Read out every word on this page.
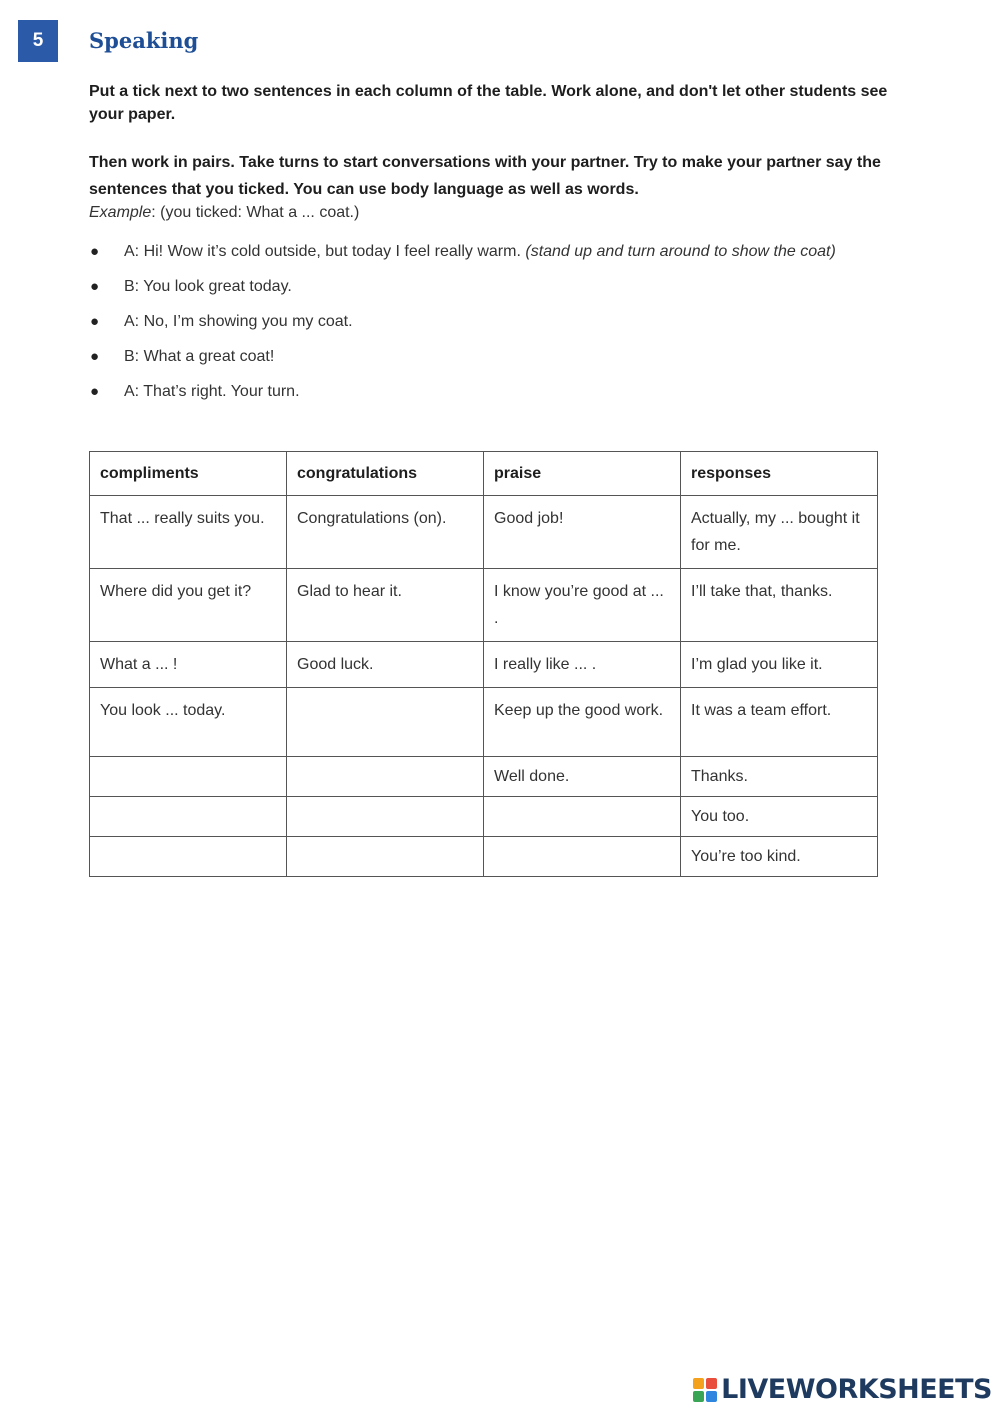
5	Speaking

Put a tick next to two sentences in each column of the table. Work alone, and don't let other students see your paper.

Then work in pairs. Take turns to start conversations with your partner. Try to make your partner say the sentences that you ticked. You can use body language as well as words.

Example: (you ticked: What a ... coat.)

● A: Hi! Wow it’s cold outside, but today I feel really warm. (stand up and turn around to show the coat)
● B: You look great today.
● A: No, I’m showing you my coat.
● B: What a great coat!
● A: That’s right. Your turn.
compliments	congratulations	praise	responses
That ... really suits you.	Congratulations (on).	Good job!	Actually, my ... bought it for me.
Where did you get it?	Glad to hear it.	I know you’re good at ... .	I’ll take that, thanks.
What a ... !	Good luck.	I really like ... .	I’m glad you like it.
You look ... today.		Keep up the good work.	It was a team effort.
		Well done.	Thanks.
			You too.
			You’re too kind.
LIVEWORKSHEETS
